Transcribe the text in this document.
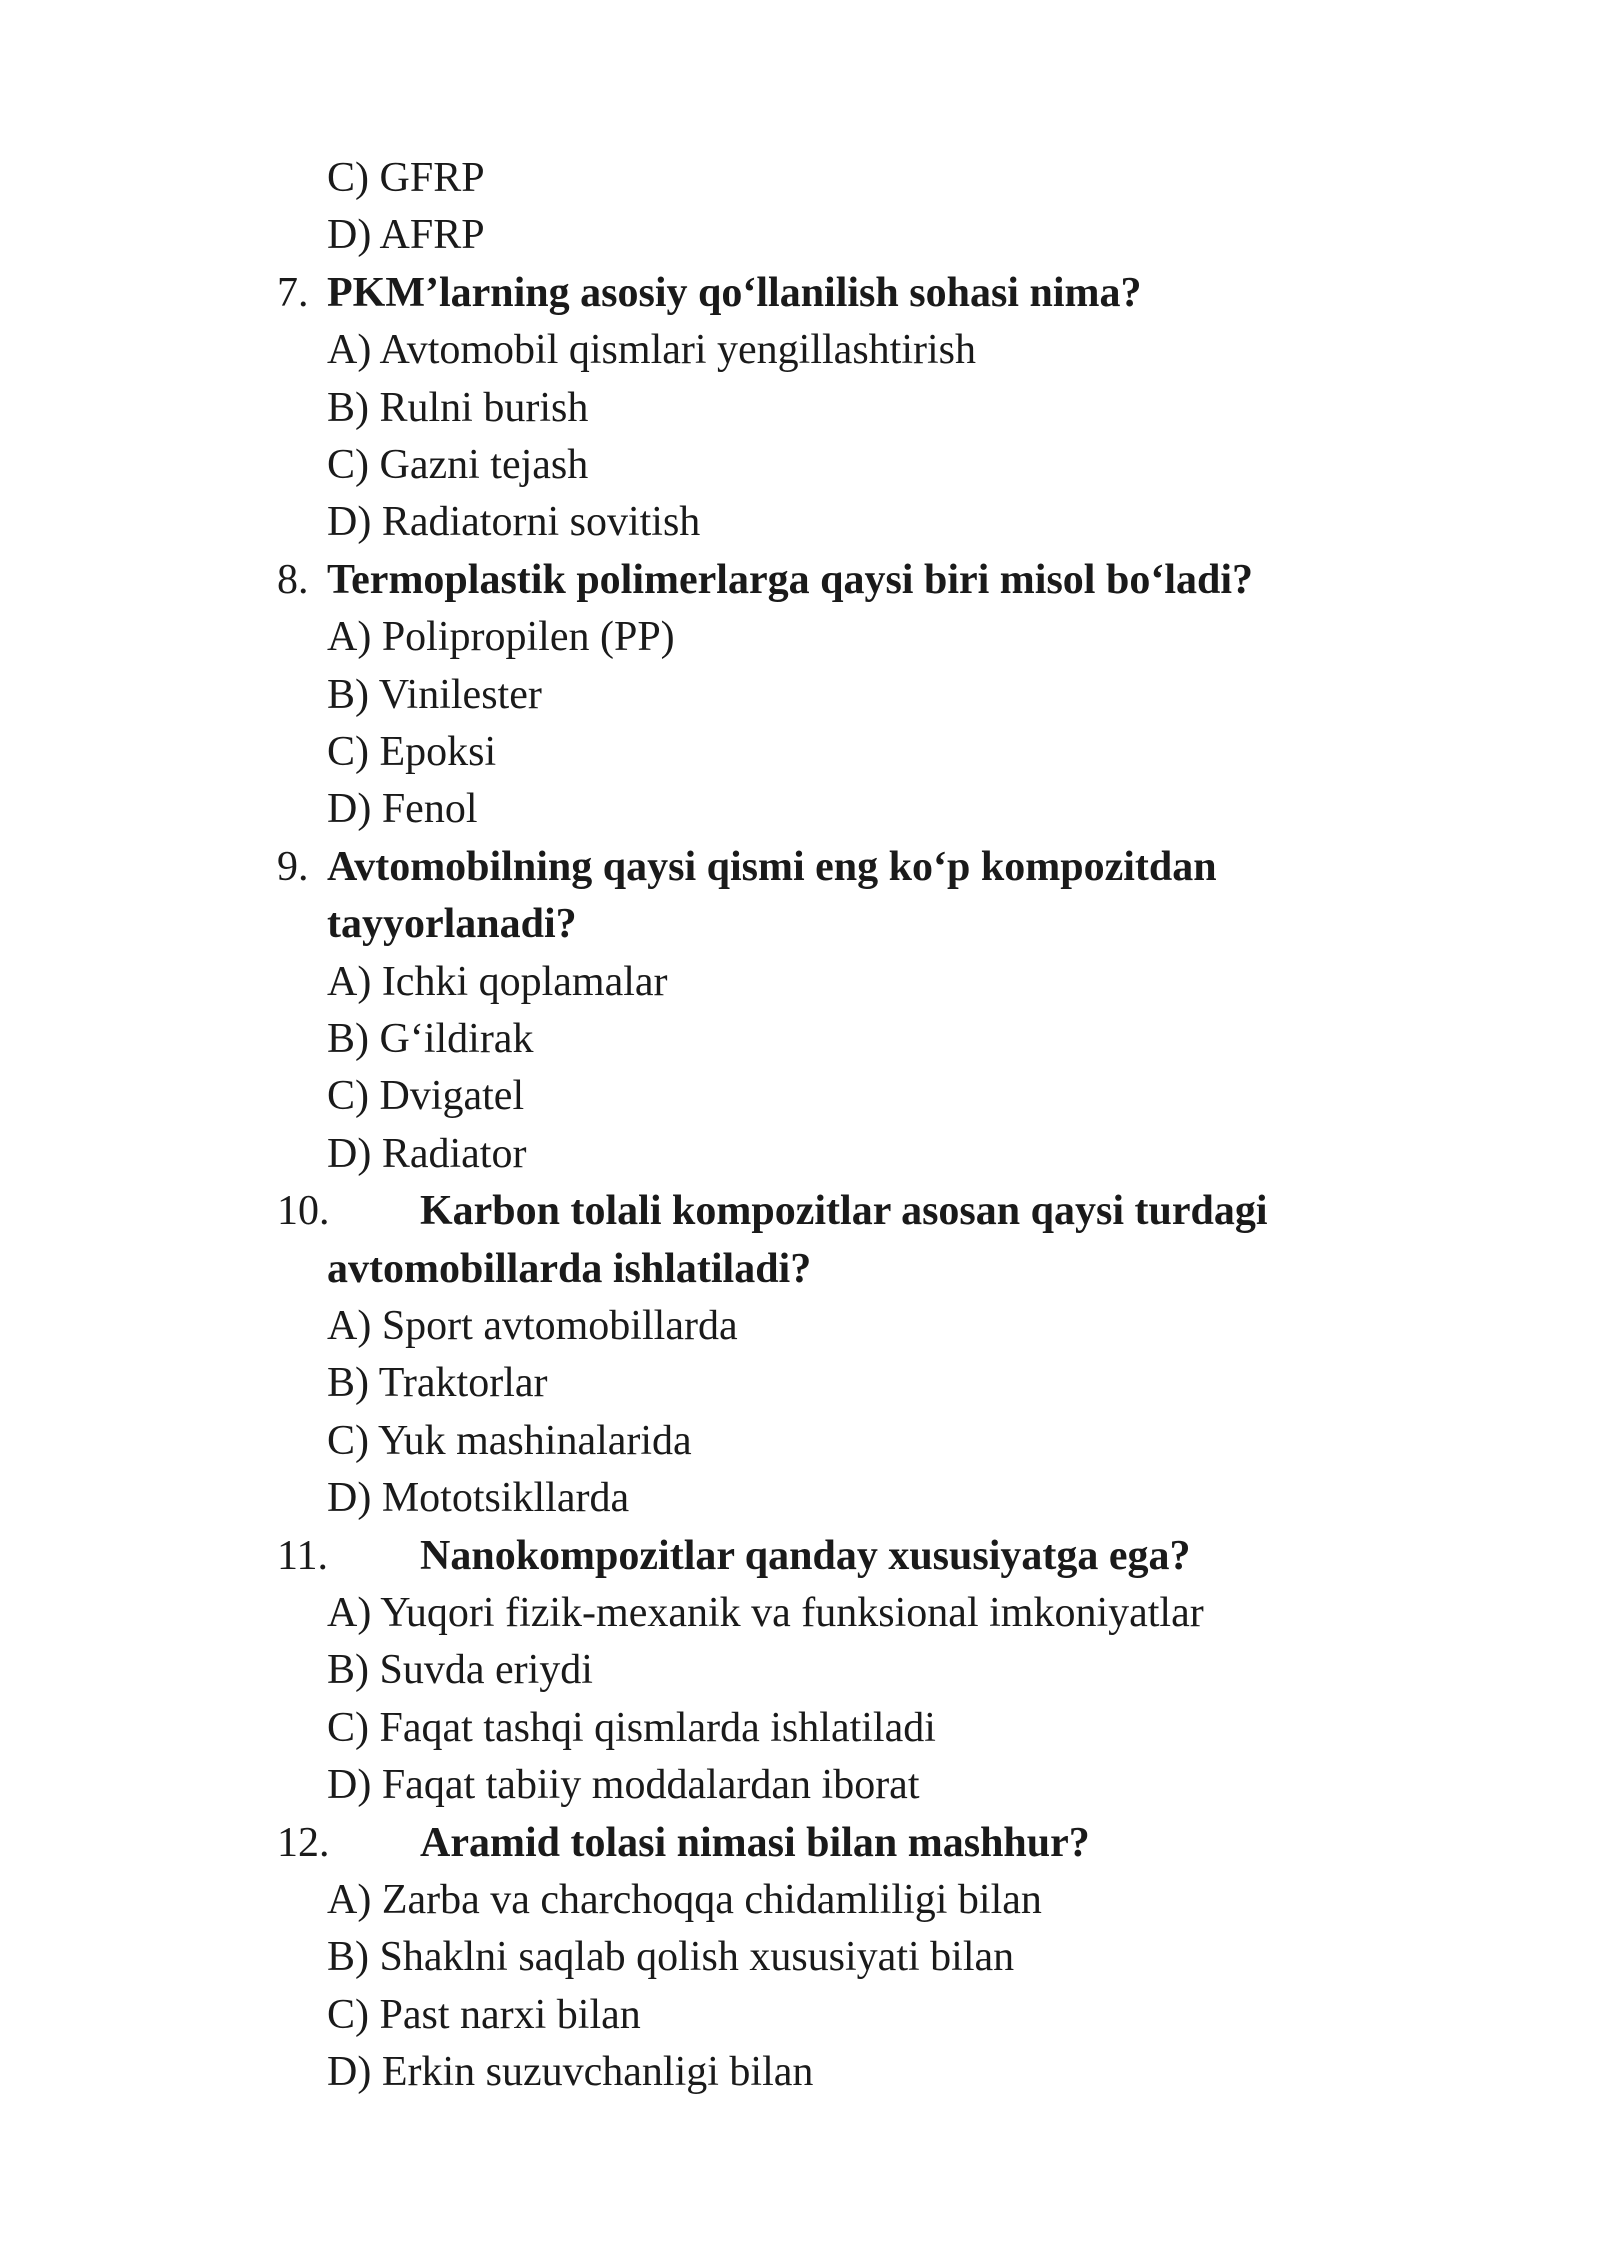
C) GFRP
D) AFRP
7. PKM’larning asosiy qo‘llanilish sohasi nima?
A) Avtomobil qismlari yengillashtirish
B) Rulni burish
C) Gazni tejash
D) Radiatorni sovitish
8. Termoplastik polimerlarga qaysi biri misol bo‘ladi?
A) Polipropilen (PP)
B) Vinilester
C) Epoksi
D) Fenol
9. Avtomobilning qaysi qismi eng ko‘p kompozitdan
tayyorlanadi?
A) Ichki qoplamalar
B) G‘ildirak
C) Dvigatel
D) Radiator
10. Karbon tolali kompozitlar asosan qaysi turdagi
avtomobillarda ishlatiladi?
A) Sport avtomobillarda
B) Traktorlar
C) Yuk mashinalarida
D) Mototsikllarda
11. Nanokompozitlar qanday xususiyatga ega?
A) Yuqori fizik-mexanik va funksional imkoniyatlar
B) Suvda eriydi
C) Faqat tashqi qismlarda ishlatiladi
D) Faqat tabiiy moddalardan iborat
12. Aramid tolasi nimasi bilan mashhur?
A) Zarba va charchoqqa chidamliligi bilan
B) Shaklni saqlab qolish xususiyati bilan
C) Past narxi bilan
D) Erkin suzuvchanligi bilan
